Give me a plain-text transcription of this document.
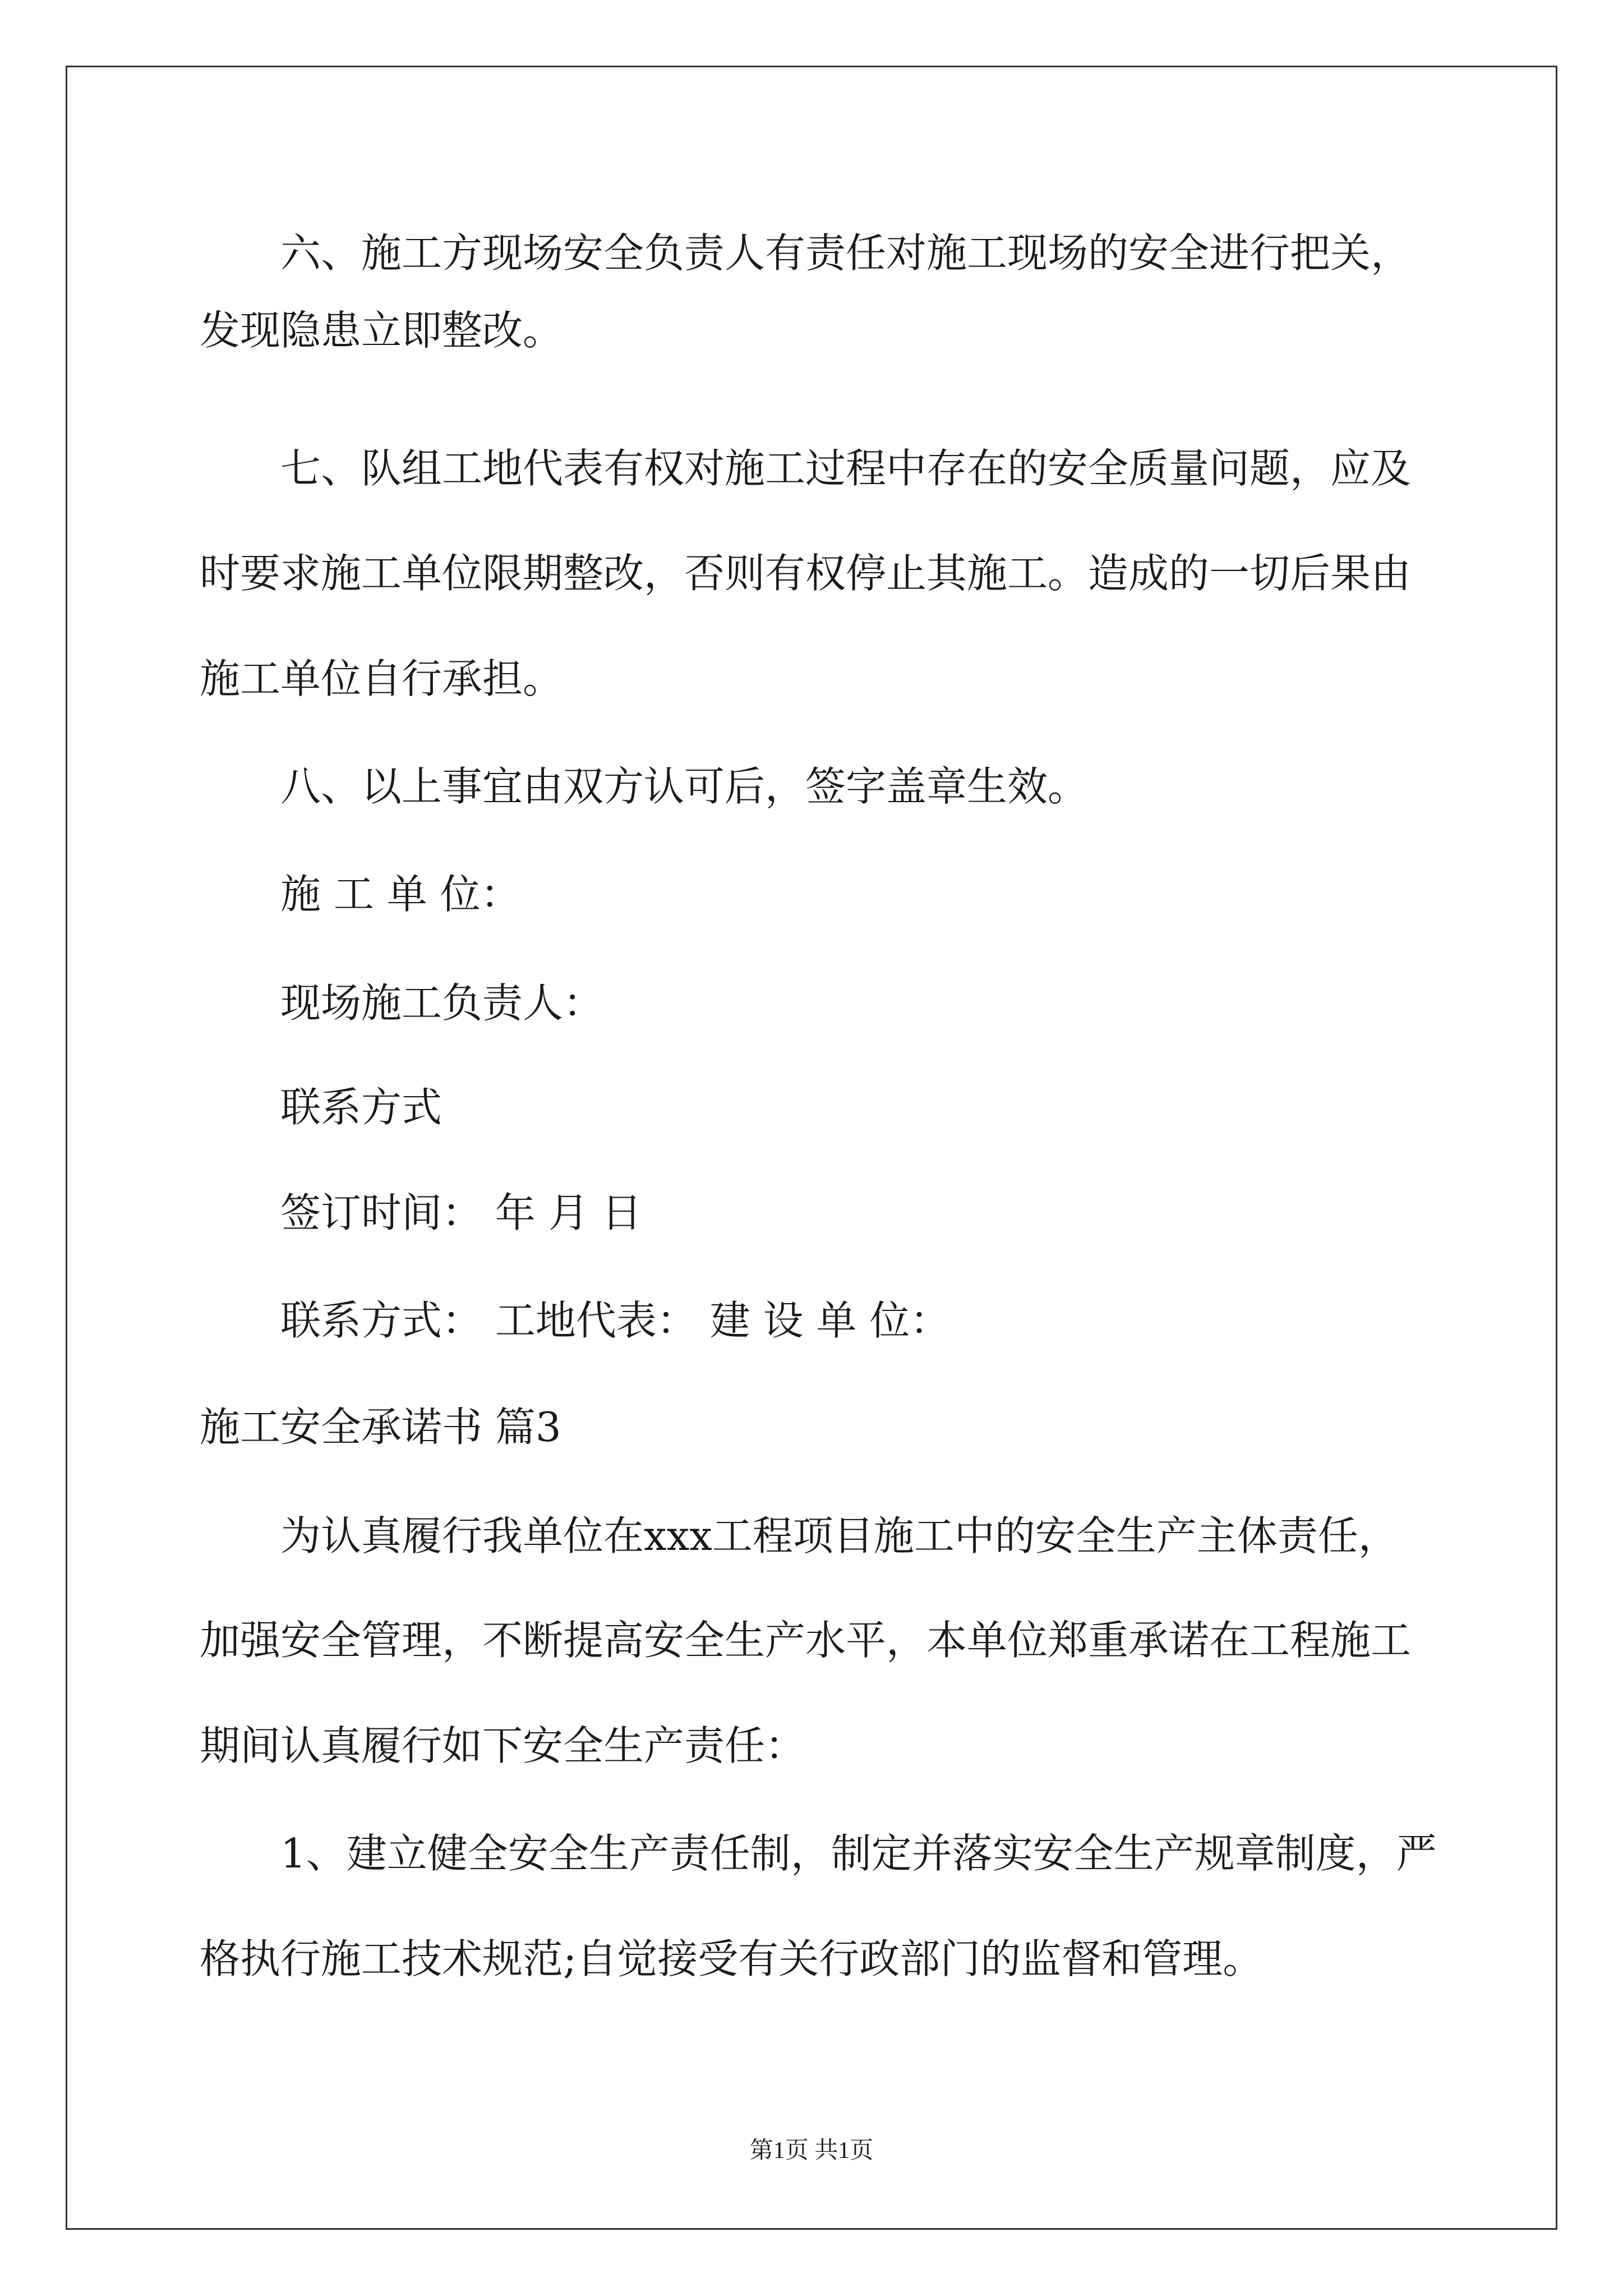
六、施工方现场安全负责人有责任对施工现场的安全进行把关，
发现隐患立即整改。
七、队组工地代表有权对施工过程中存在的安全质量问题，应及
时要求施工单位限期整改，否则有权停止其施工。造成的一切后果由
施工单位自行承担。
八、以上事宜由双方认可后，签字盖章生效。
施 工 单 位：
现场施工负责人：
联系方式
签订时间： 年 月 日
联系方式： 工地代表： 建 设 单 位：
施工安全承诺书 篇3
为认真履行我单位在xxx工程项目施工中的安全生产主体责任，
加强安全管理，不断提高安全生产水平，本单位郑重承诺在工程施工
期间认真履行如下安全生产责任：
1、建立健全安全生产责任制，制定并落实安全生产规章制度，严
格执行施工技术规范;自觉接受有关行政部门的监督和管理。
第1页 共1页
